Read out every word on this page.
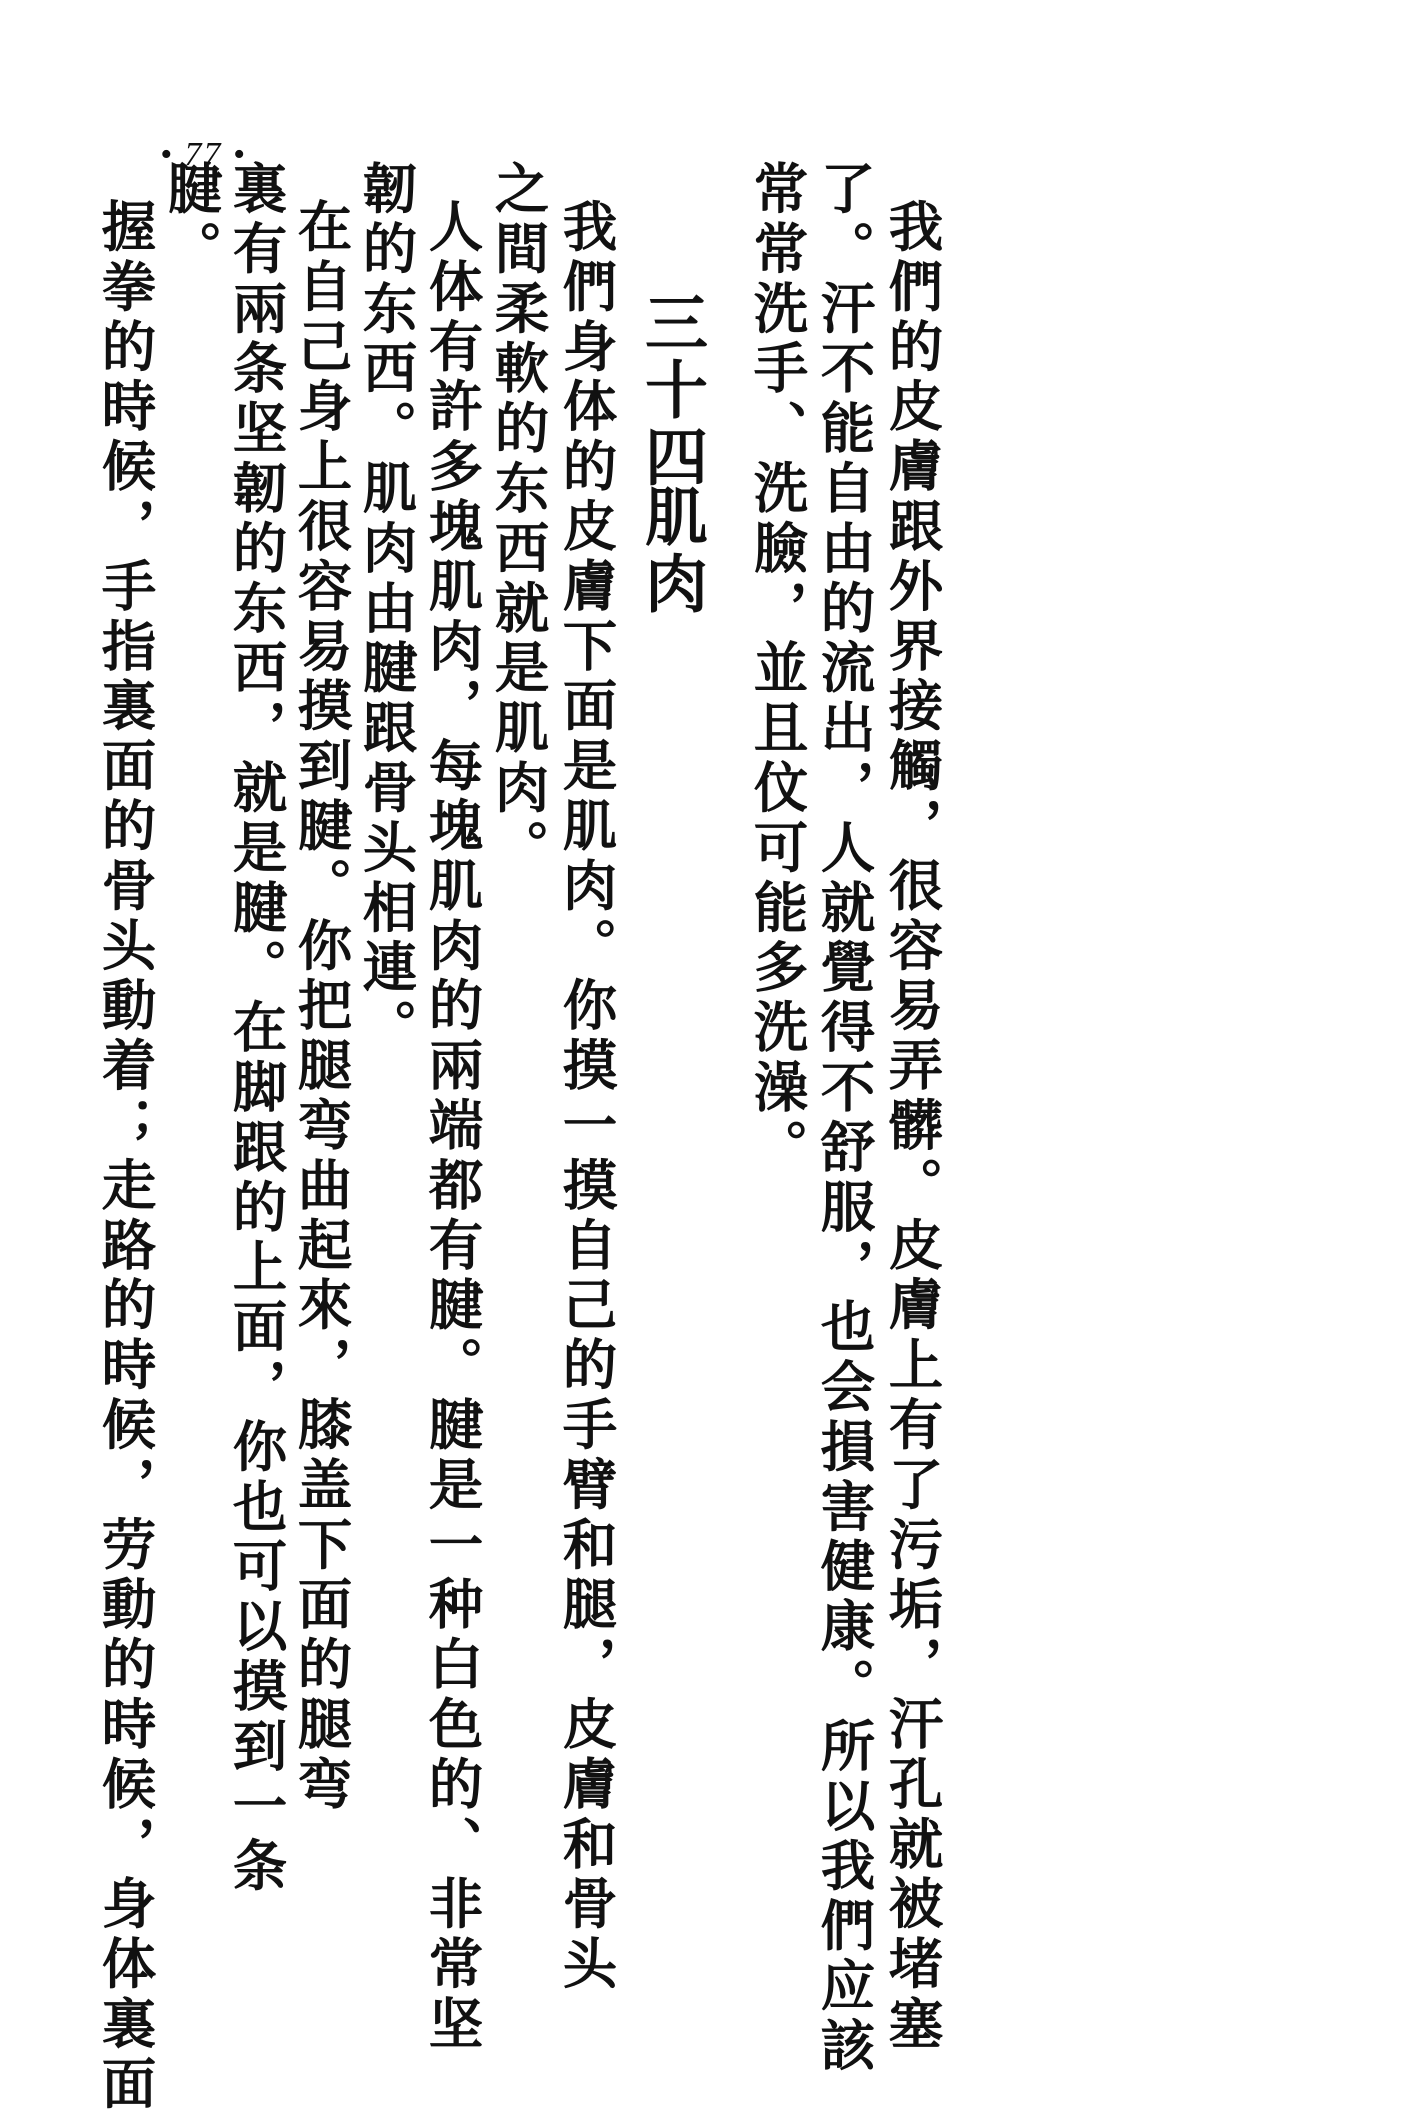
• 77 •
我們的皮膚跟外界接觸，很容易弄髒。皮膚上有了污垢，汗孔就被堵塞
了。汗不能自由的流出，人就覺得不舒服，也会損害健康。所以我們应該
常常洗手、洗臉，並且伩可能多洗澡。
三十四
肌肉
我們身体的皮膚下面是肌肉。你摸一摸自己的手臂和腿，皮膚和骨头
之間柔軟的东西就是肌肉。
人体有許多塊肌肉，每塊肌肉的兩端都有腱。腱是一种白色的、非常坚
韌的东西。肌肉由腱跟骨头相連。
在自己身上很容易摸到腱。你把腿弯曲起來，膝盖下面的腿弯
裏有兩条坚韌的东西，就是腱。在脚跟的上面，你也可以摸到一条
腱。
握拳的時候，手指裏面的骨头動着；走路的時候，劳動的時候，身体裏面
